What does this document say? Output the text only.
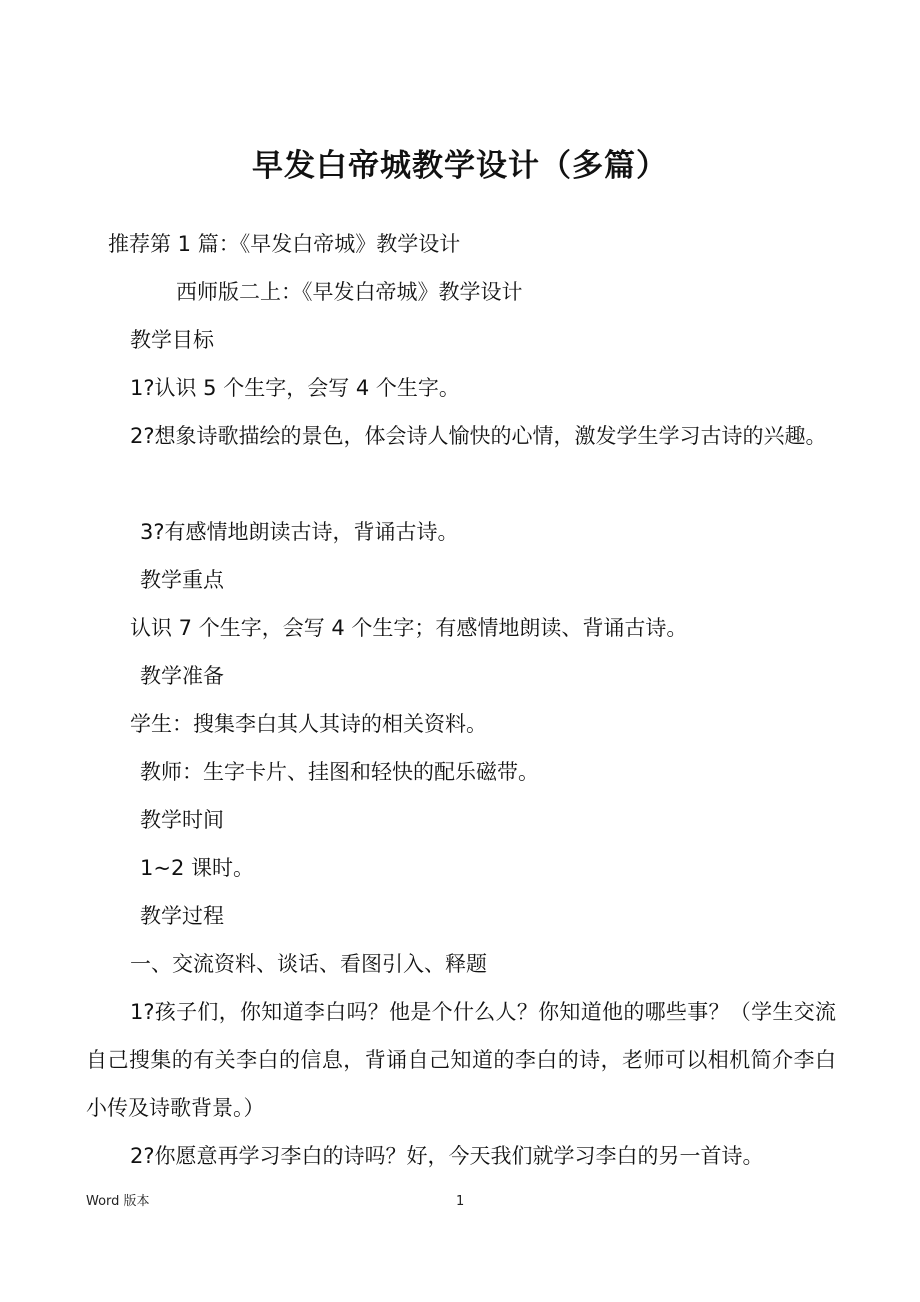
早发白帝城教学设计（多篇）
推荐第 1 篇：《早发白帝城》教学设计
西师版二上：《早发白帝城》教学设计
教学目标
1?认识 5 个生字，会写 4 个生字。
2?想象诗歌描绘的景色，体会诗人愉快的心情，激发学生学习古诗的兴趣。
3?有感情地朗读古诗，背诵古诗。
教学重点
认识 7 个生字，会写 4 个生字；有感情地朗读、背诵古诗。
教学准备
学生：搜集李白其人其诗的相关资料。
教师：生字卡片、挂图和轻快的配乐磁带。
教学时间
1~2 课时。
教学过程
一、交流资料、谈话、看图引入、释题
1?孩子们，你知道李白吗？他是个什么人？你知道他的哪些事？（学生交流自己搜集的有关李白的信息，背诵自己知道的李白的诗，老师可以相机简介李白小传及诗歌背景。）
2?你愿意再学习李白的诗吗？好，今天我们就学习李白的另一首诗。
Word 版本	1
